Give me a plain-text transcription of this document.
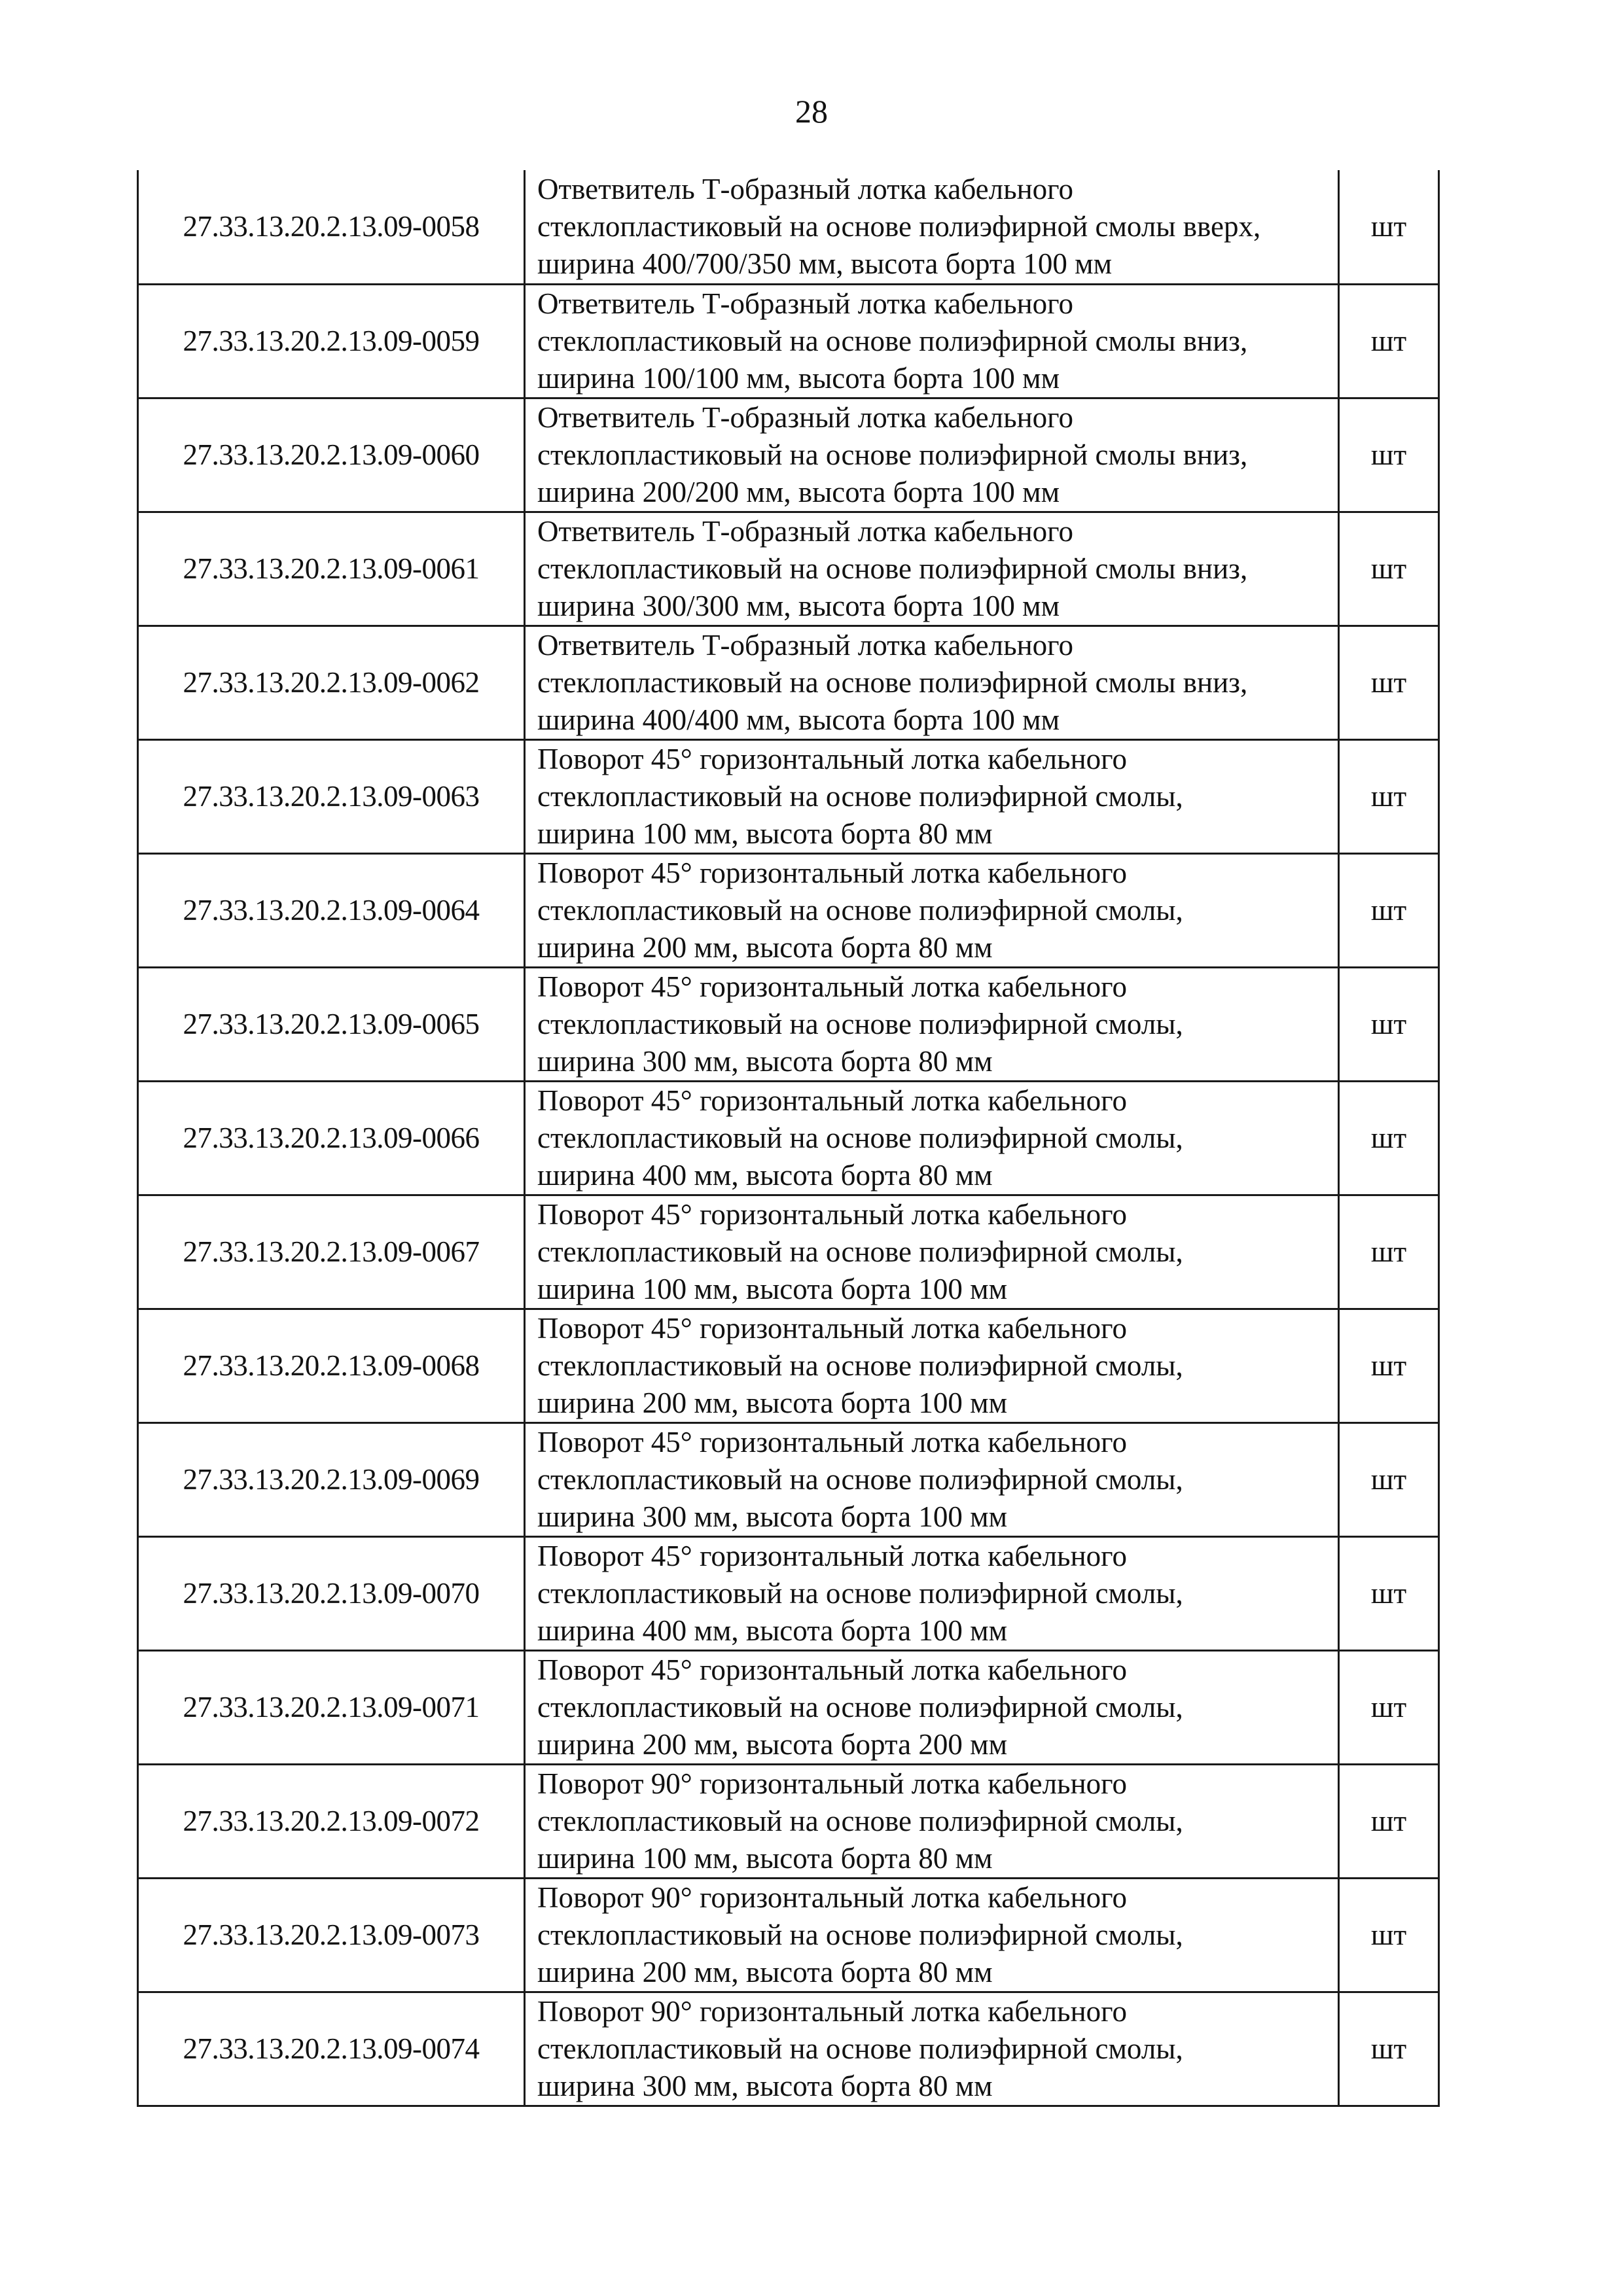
28
27.33.13.20.2.13.09-0058	Ответвитель Т-образный лотка кабельного
стеклопластиковый на основе полиэфирной смолы вверх,
ширина 400/700/350 мм, высота борта 100 мм	шт
27.33.13.20.2.13.09-0059	Ответвитель Т-образный лотка кабельного
стеклопластиковый на основе полиэфирной смолы вниз,
ширина 100/100 мм, высота борта 100 мм	шт
27.33.13.20.2.13.09-0060	Ответвитель Т-образный лотка кабельного
стеклопластиковый на основе полиэфирной смолы вниз,
ширина 200/200 мм, высота борта 100 мм	шт
27.33.13.20.2.13.09-0061	Ответвитель Т-образный лотка кабельного
стеклопластиковый на основе полиэфирной смолы вниз,
ширина 300/300 мм, высота борта 100 мм	шт
27.33.13.20.2.13.09-0062	Ответвитель Т-образный лотка кабельного
стеклопластиковый на основе полиэфирной смолы вниз,
ширина 400/400 мм, высота борта 100 мм	шт
27.33.13.20.2.13.09-0063	Поворот 45° горизонтальный лотка кабельного
стеклопластиковый на основе полиэфирной смолы,
ширина 100 мм, высота борта 80 мм	шт
27.33.13.20.2.13.09-0064	Поворот 45° горизонтальный лотка кабельного
стеклопластиковый на основе полиэфирной смолы,
ширина 200 мм, высота борта 80 мм	шт
27.33.13.20.2.13.09-0065	Поворот 45° горизонтальный лотка кабельного
стеклопластиковый на основе полиэфирной смолы,
ширина 300 мм, высота борта 80 мм	шт
27.33.13.20.2.13.09-0066	Поворот 45° горизонтальный лотка кабельного
стеклопластиковый на основе полиэфирной смолы,
ширина 400 мм, высота борта 80 мм	шт
27.33.13.20.2.13.09-0067	Поворот 45° горизонтальный лотка кабельного
стеклопластиковый на основе полиэфирной смолы,
ширина 100 мм, высота борта 100 мм	шт
27.33.13.20.2.13.09-0068	Поворот 45° горизонтальный лотка кабельного
стеклопластиковый на основе полиэфирной смолы,
ширина 200 мм, высота борта 100 мм	шт
27.33.13.20.2.13.09-0069	Поворот 45° горизонтальный лотка кабельного
стеклопластиковый на основе полиэфирной смолы,
ширина 300 мм, высота борта 100 мм	шт
27.33.13.20.2.13.09-0070	Поворот 45° горизонтальный лотка кабельного
стеклопластиковый на основе полиэфирной смолы,
ширина 400 мм, высота борта 100 мм	шт
27.33.13.20.2.13.09-0071	Поворот 45° горизонтальный лотка кабельного
стеклопластиковый на основе полиэфирной смолы,
ширина 200 мм, высота борта 200 мм	шт
27.33.13.20.2.13.09-0072	Поворот 90° горизонтальный лотка кабельного
стеклопластиковый на основе полиэфирной смолы,
ширина 100 мм, высота борта 80 мм	шт
27.33.13.20.2.13.09-0073	Поворот 90° горизонтальный лотка кабельного
стеклопластиковый на основе полиэфирной смолы,
ширина 200 мм, высота борта 80 мм	шт
27.33.13.20.2.13.09-0074	Поворот 90° горизонтальный лотка кабельного
стеклопластиковый на основе полиэфирной смолы,
ширина 300 мм, высота борта 80 мм	шт
